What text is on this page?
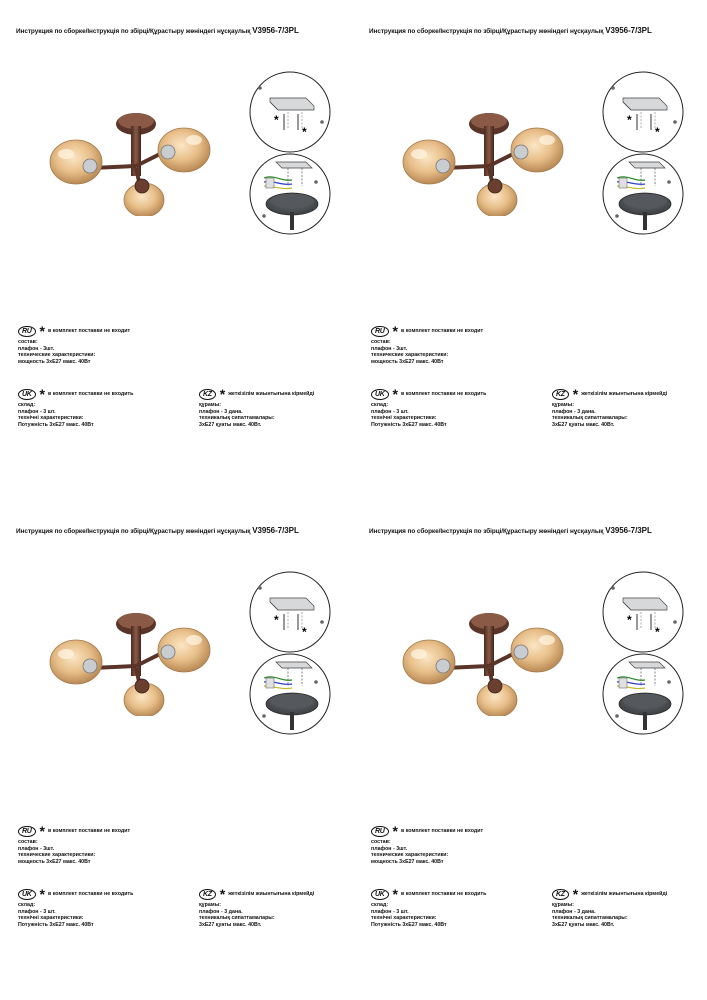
Инструкция по сборке/Інструкція по збірці/Құрастыру жөніндегі нұсқаулық V3956-7/3PL
RU * в комплект поставки не входит
состав:
плафон - 3шт.
технические характеристики:
мощность 3xE27 макс. 40Вт
UK * в комплект поставки не входить
склад:
плафон - 3 шт.
технічні характеристики:
Потужність 3хЕ27 макс. 40Вт
KZ * жеткізілім жиынтығына кірмейді
құрамы:
плафон - 3 дана.
техникалық сипаттамалары:
3хЕ27 қуаты макс. 40Вт.
Инструкция по сборке/Інструкція по збірці/Құрастыру жөніндегі нұсқаулық V3956-7/3PL
RU * в комплект поставки не входит
состав:
плафон - 3шт.
технические характеристики:
мощность 3xE27 макс. 40Вт
UK * в комплект поставки не входить
склад:
плафон - 3 шт.
технічні характеристики:
Потужність 3хЕ27 макс. 40Вт
KZ * жеткізілім жиынтығына кірмейді
құрамы:
плафон - 3 дана.
техникалық сипаттамалары:
3хЕ27 қуаты макс. 40Вт.
Инструкция по сборке/Інструкція по збірці/Құрастыру жөніндегі нұсқаулық V3956-7/3PL
RU * в комплект поставки не входит
состав:
плафон - 3шт.
технические характеристики:
мощность 3xE27 макс. 40Вт
UK * в комплект поставки не входить
склад:
плафон - 3 шт.
технічні характеристики:
Потужність 3хЕ27 макс. 40Вт
KZ * жеткізілім жиынтығына кірмейді
құрамы:
плафон - 3 дана.
техникалық сипаттамалары:
3хЕ27 қуаты макс. 40Вт.
Инструкция по сборке/Інструкція по збірці/Құрастыру жөніндегі нұсқаулық V3956-7/3PL
RU * в комплект поставки не входит
состав:
плафон - 3шт.
технические характеристики:
мощность 3xE27 макс. 40Вт
UK * в комплект поставки не входить
склад:
плафон - 3 шт.
технічні характеристики:
Потужність 3хЕ27 макс. 40Вт
KZ * жеткізілім жиынтығына кірмейді
құрамы:
плафон - 3 дана.
техникалық сипаттамалары:
3хЕ27 қуаты макс. 40Вт.
